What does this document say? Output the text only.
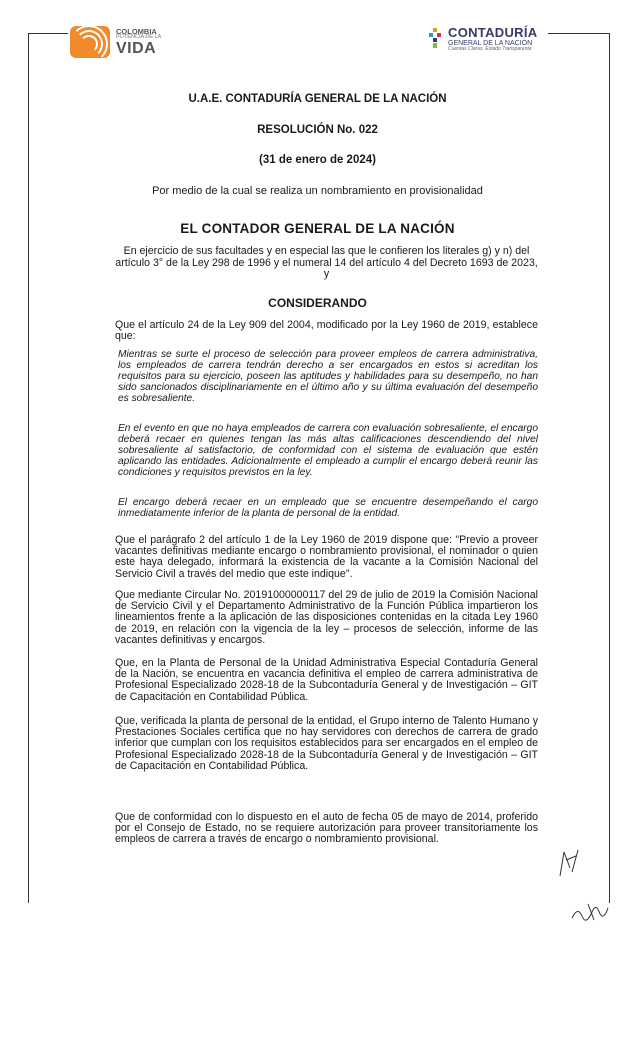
COLOMBIA
POTENCIA DE LA
VIDA
CONTADURÍA
GENERAL DE LA NACIÓN
Cuentas Claras, Estado Transparente
U.A.E. CONTADURÍA GENERAL DE LA NACIÓN
RESOLUCIÓN No. 022
(31 de enero de 2024)
Por medio de la cual se realiza un nombramiento en provisionalidad
EL CONTADOR GENERAL DE LA NACIÓN
En ejercicio de sus facultades y en especial las que le confieren los literales g) y n) del artículo 3° de la Ley 298 de 1996 y el numeral 14 del artículo 4 del Decreto 1693 de 2023, y
CONSIDERANDO
Que el artículo 24 de la Ley 909 del 2004, modificado por la Ley 1960 de 2019, establece que:
Mientras se surte el proceso de selección para proveer empleos de carrera administrativa, los empleados de carrera tendrán derecho a ser encargados en estos si acreditan los requisitos para su ejercicio, poseen las aptitudes y habilidades para su desempeño, no han sido sancionados disciplinariamente en el último año y su última evaluación del desempeño es sobresaliente.
En el evento en que no haya empleados de carrera con evaluación sobresaliente, el encargo deberá recaer en quienes tengan las más altas calificaciones descendiendo del nivel sobresaliente al satisfactorio, de conformidad con el sistema de evaluación que estén aplicando las entidades. Adicionalmente el empleado a cumplir el encargo deberá reunir las condiciones y requisitos previstos en la ley.
El encargo deberá recaer en un empleado que se encuentre desempeñando el cargo inmediatamente inferior de la planta de personal de la entidad.
Que el parágrafo 2 del artículo 1 de la Ley 1960 de 2019 dispone que: "Previo a proveer vacantes definitivas mediante encargo o nombramiento provisional, el nominador o quien este haya delegado, informará la existencia de la vacante a la Comisión Nacional del Servicio Civil a través del medio que este indique".
Que mediante Circular No. 20191000000117 del 29 de julio de 2019 la Comisión Nacional de Servicio Civil y el Departamento Administrativo de la Función Pública impartieron los lineamientos frente a la aplicación de las disposiciones contenidas en la citada Ley 1960 de 2019, en relación con la vigencia de la ley – procesos de selección, informe de las vacantes definitivas y encargos.
Que, en la Planta de Personal de la Unidad Administrativa Especial Contaduría General de la Nación, se encuentra en vacancia definitiva el empleo de carrera administrativa de Profesional Especializado 2028-18 de la Subcontaduría General y de Investigación – GIT de Capacitación en Contabilidad Pública.
Que, verificada la planta de personal de la entidad, el Grupo interno de Talento Humano y Prestaciones Sociales certifica que no hay servidores con derechos de carrera de grado inferior que cumplan con los requisitos establecidos para ser encargados en el empleo de Profesional Especializado 2028-18 de la Subcontaduría General y de Investigación – GIT de Capacitación en Contabilidad Pública.
Que de conformidad con lo dispuesto en el auto de fecha 05 de mayo de 2014, proferido por el Consejo de Estado, no se requiere autorización para proveer transitoriamente los empleos de carrera a través de encargo o nombramiento provisional.
